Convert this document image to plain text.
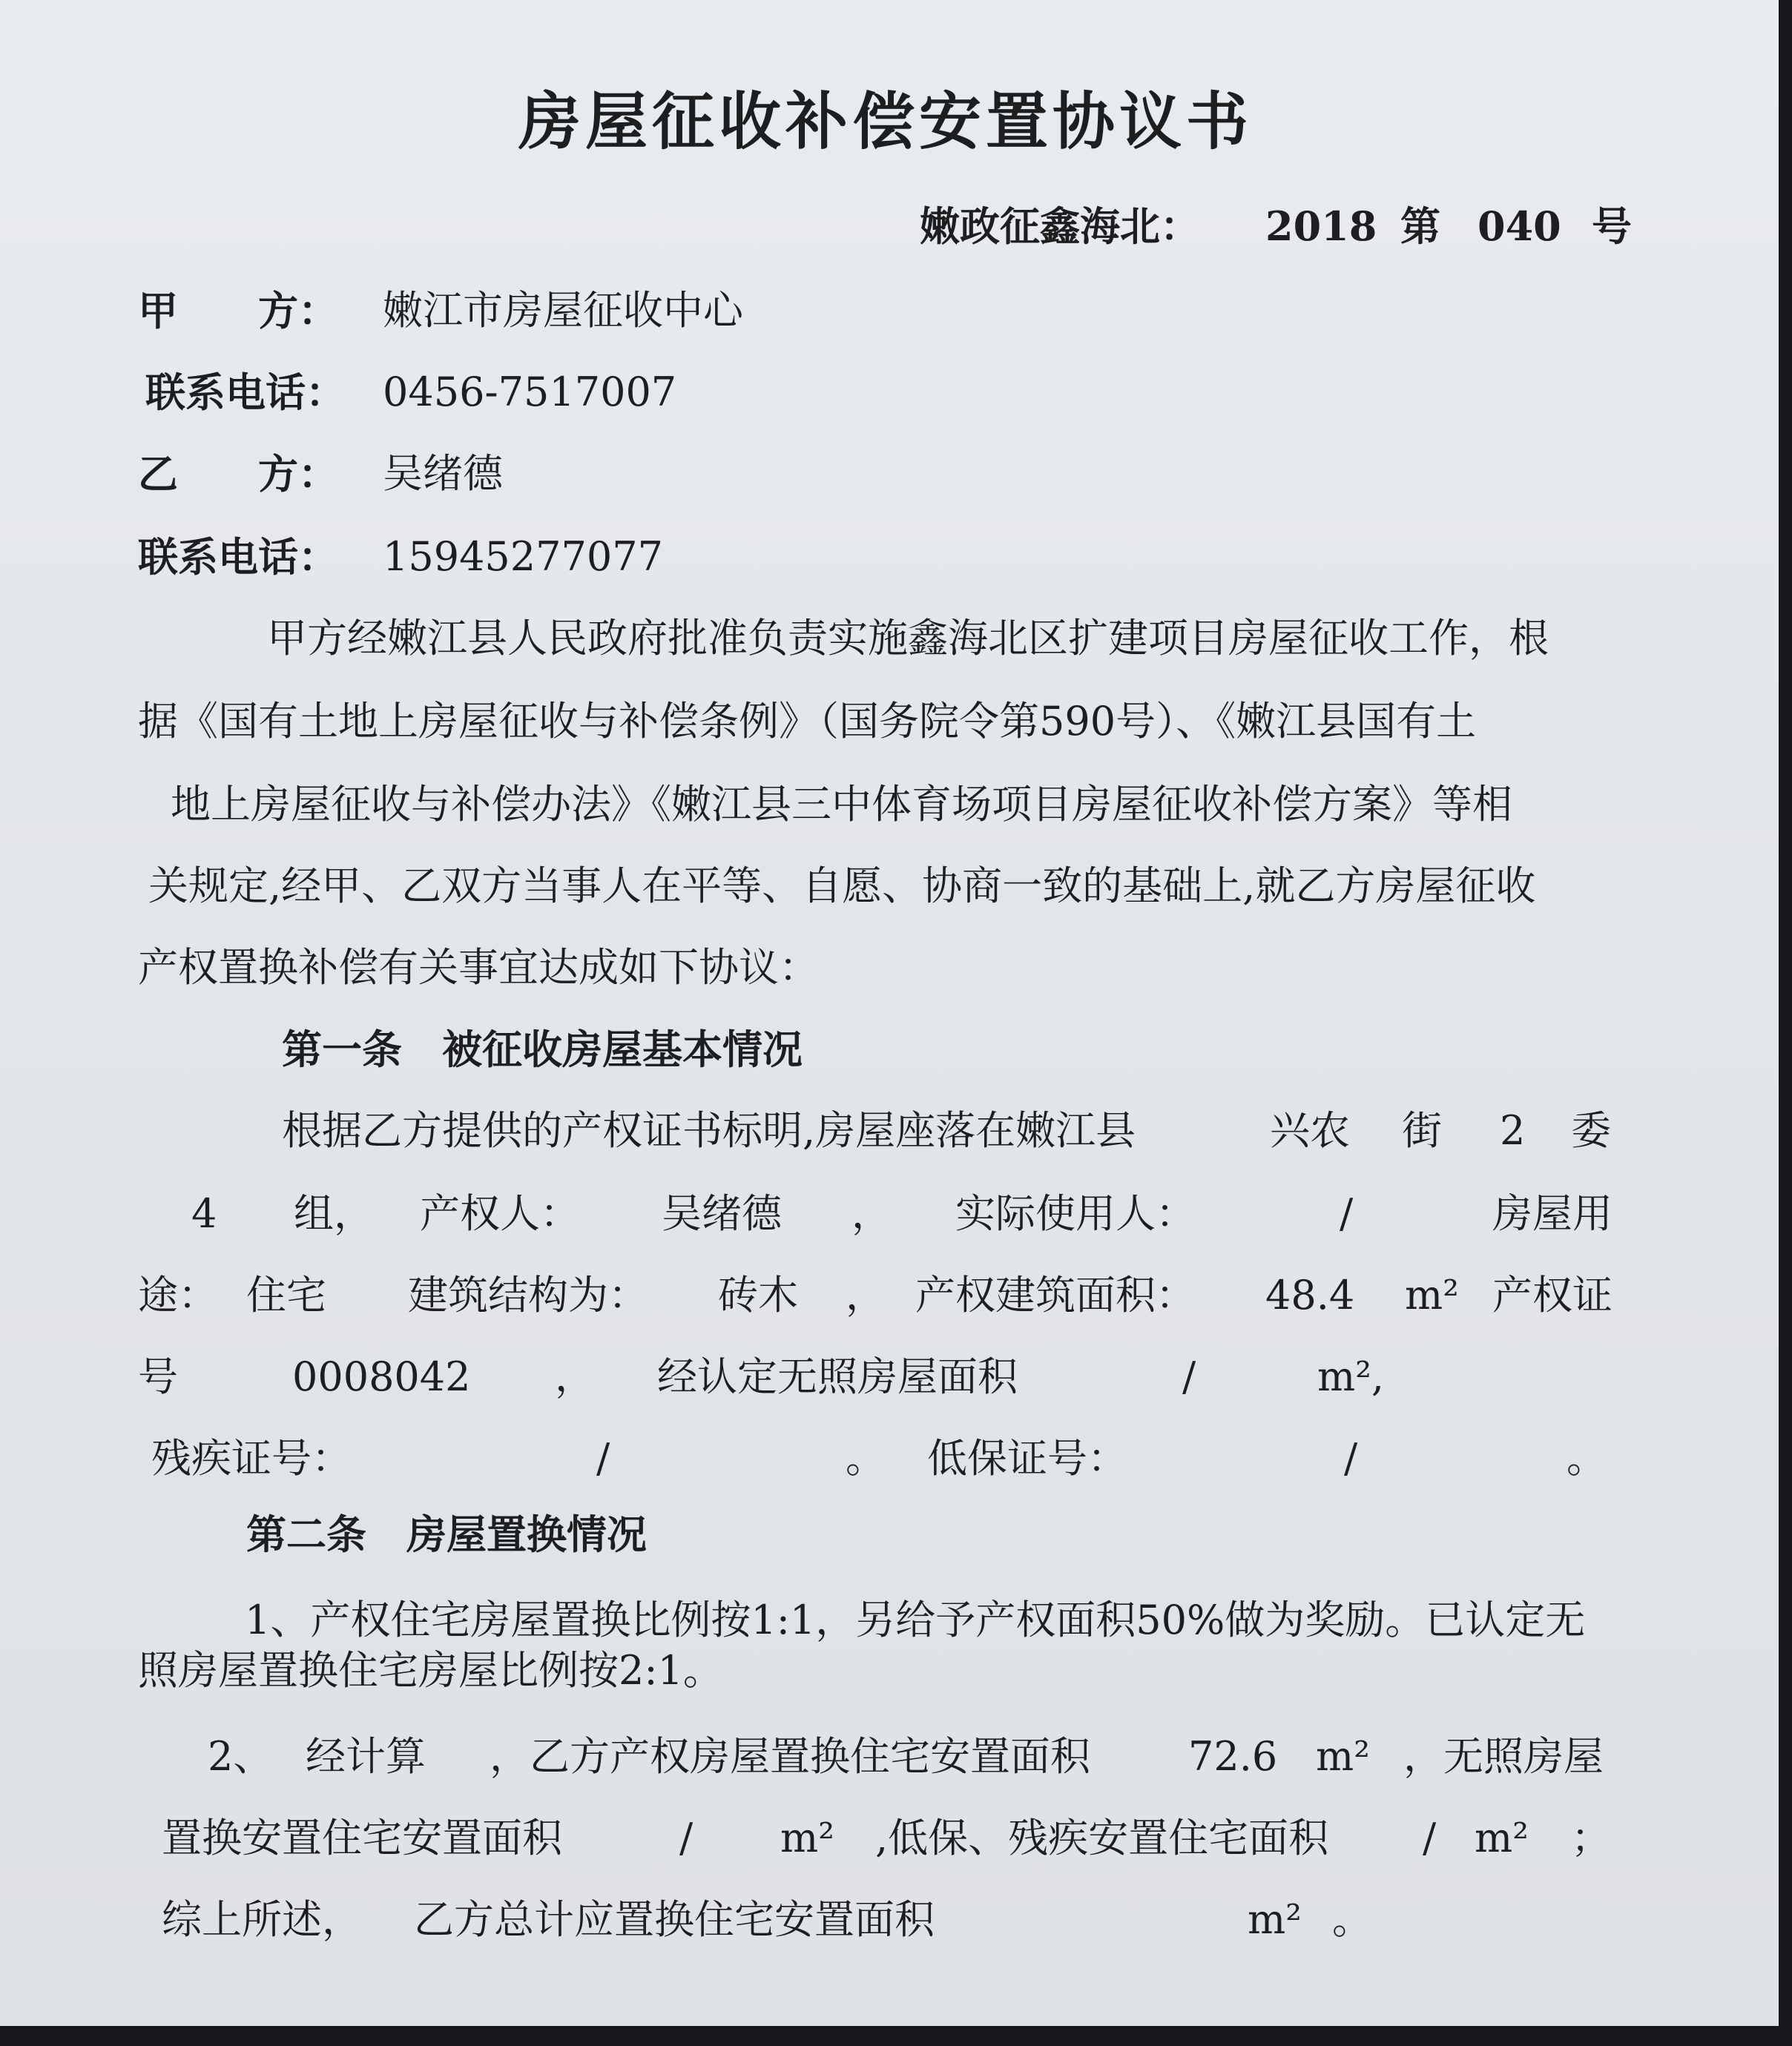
房屋征收补偿安置协议书
嫩政征鑫海北： 2018 第 040 号
甲　　方： 嫩江市房屋征收中心
联系电话： 0456-7517007
乙　　方： 吴绪德
联系电话： 15945277077
甲方经嫩江县人民政府批准负责实施鑫海北区扩建项目房屋征收工作，根
据《国有土地上房屋征收与补偿条例》（国务院令第590号）、《嫩江县国有土
地上房屋征收与补偿办法》《嫩江县三中体育场项目房屋征收补偿方案》等相
关规定,经甲、乙双方当事人在平等、自愿、协商一致的基础上,就乙方房屋征收
产权置换补偿有关事宜达成如下协议：
第一条　被征收房屋基本情况
根据乙方提供的产权证书标明,房屋座落在嫩江县	兴农 街 2 委
4 组， 产权人： 吴绪德 ， 实际使用人：	/	房屋用
途： 住宅 建筑结构为： 砖木 ， 产权建筑面积： 48.4 m² 产权证
号	0008042 ， 经认定无照房屋面积	/	m²,
残疾证号：	/	。 低保证号：	/	。
第二条　房屋置换情况
1、产权住宅房屋置换比例按1:1，另给予产权面积50%做为奖励。已认定无
照房屋置换住宅房屋比例按2:1。
2、 经计算 ，乙方产权房屋置换住宅安置面积 72.6 m² ，无照房屋
置换安置住宅安置面积	/ m² ,低保、残疾安置住宅面积 / m² ；
综上所述， 乙方总计应置换住宅安置面积	m² 。
